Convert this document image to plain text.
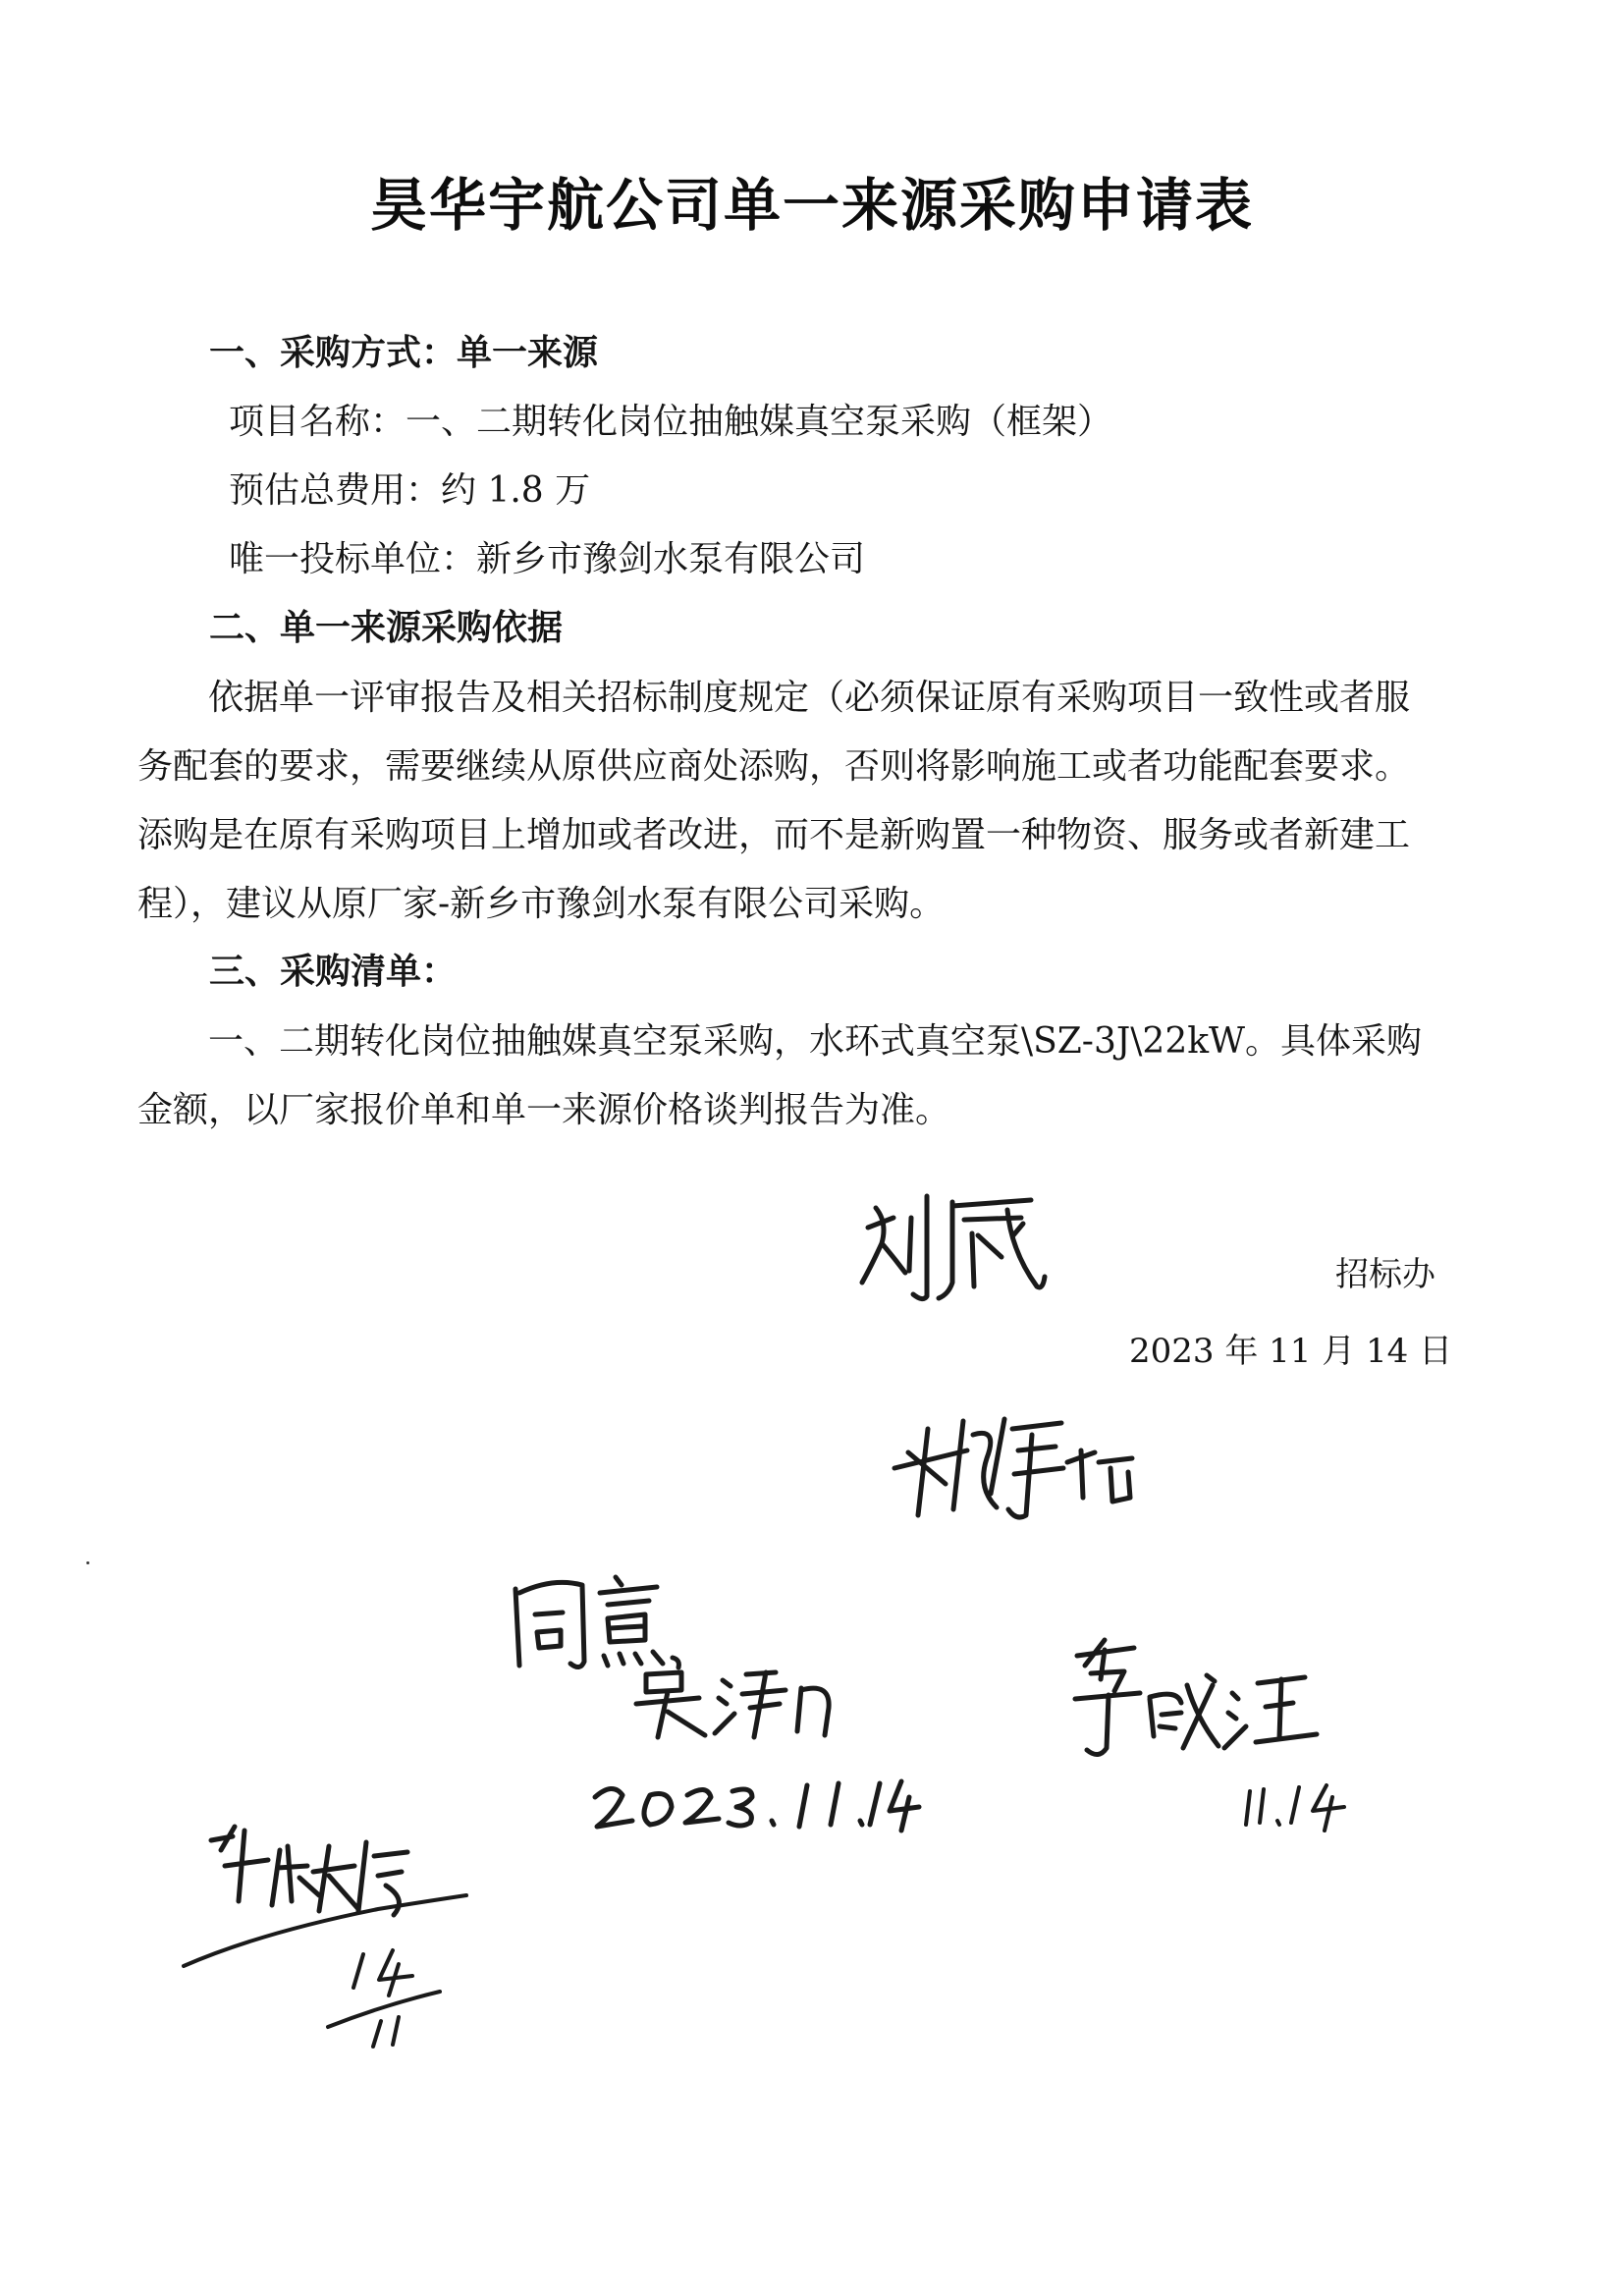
昊华宇航公司单一来源采购申请表
一、采购方式：单一来源
项目名称：一、二期转化岗位抽触媒真空泵采购（框架）
预估总费用：约 1.8 万
唯一投标单位：新乡市豫剑水泵有限公司
二、单一来源采购依据
依据单一评审报告及相关招标制度规定（必须保证原有采购项目一致性或者服务配套的要求，需要继续从原供应商处添购，否则将影响施工或者功能配套要求。添购是在原有采购项目上增加或者改进，而不是新购置一种物资、服务或者新建工程），建议从原厂家-新乡市豫剑水泵有限公司采购。
三、采购清单：
一、二期转化岗位抽触媒真空泵采购，水环式真空泵\SZ-3J\22kW。具体采购金额，以厂家报价单和单一来源价格谈判报告为准。
招标办
2023 年 11 月 14 日
